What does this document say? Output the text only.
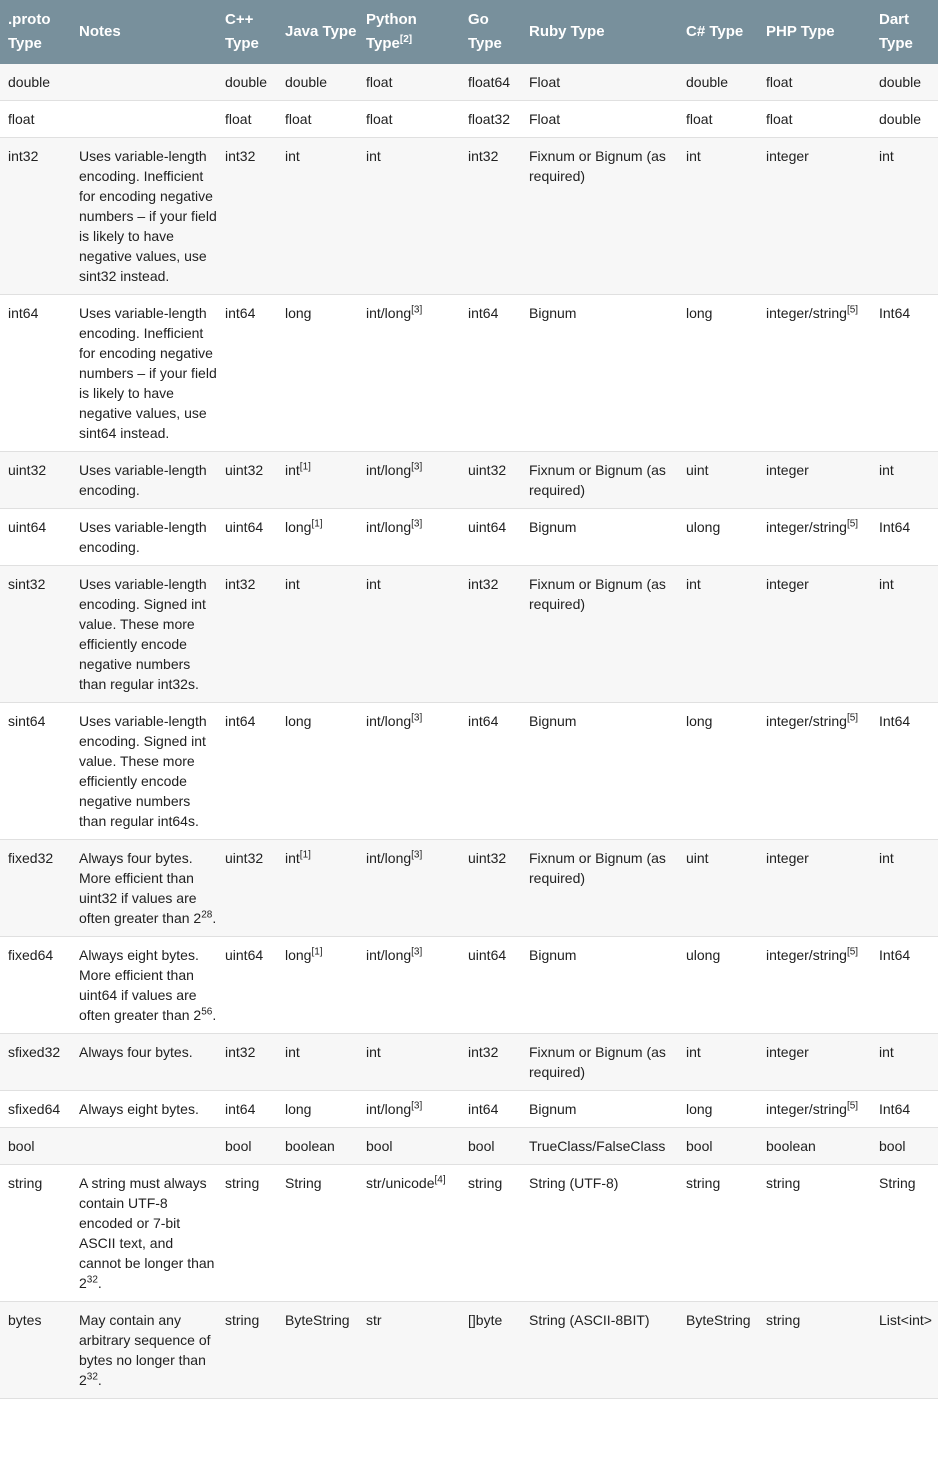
.proto Type	Notes	C++ Type	Java Type	Python Type[2]	Go Type	Ruby Type	C# Type	PHP Type	Dart Type
double		double	double	float	float64	Float	double	float	double
float		float	float	float	float32	Float	float	float	double
int32	Uses variable-length encoding. Inefficient for encoding negative numbers – if your field is likely to have negative values, use sint32 instead.	int32	int	int	int32	Fixnum or Bignum (as required)	int	integer	int
int64	Uses variable-length encoding. Inefficient for encoding negative numbers – if your field is likely to have negative values, use sint64 instead.	int64	long	int/long[3]	int64	Bignum	long	integer/string[5]	Int64
uint32	Uses variable-length encoding.	uint32	int[1]	int/long[3]	uint32	Fixnum or Bignum (as required)	uint	integer	int
uint64	Uses variable-length encoding.	uint64	long[1]	int/long[3]	uint64	Bignum	ulong	integer/string[5]	Int64
sint32	Uses variable-length encoding. Signed int value. These more efficiently encode negative numbers than regular int32s.	int32	int	int	int32	Fixnum or Bignum (as required)	int	integer	int
sint64	Uses variable-length encoding. Signed int value. These more efficiently encode negative numbers than regular int64s.	int64	long	int/long[3]	int64	Bignum	long	integer/string[5]	Int64
fixed32	Always four bytes. More efficient than uint32 if values are often greater than $2^{28}$.	uint32	int[1]	int/long[3]	uint32	Fixnum or Bignum (as required)	uint	integer	int
fixed64	Always eight bytes. More efficient than uint64 if values are often greater than $2^{56}$.	uint64	long[1]	int/long[3]	uint64	Bignum	ulong	integer/string[5]	Int64
sfixed32	Always four bytes.	int32	int	int	int32	Fixnum or Bignum (as required)	int	integer	int
sfixed64	Always eight bytes.	int64	long	int/long[3]	int64	Bignum	long	integer/string[5]	Int64
bool		bool	boolean	bool	bool	TrueClass/FalseClass	bool	boolean	bool
string	A string must always contain UTF-8 encoded or 7-bit ASCII text, and cannot be longer than $2^{32}$.	string	String	str/unicode[4]	string	String (UTF-8)	string	string	String
bytes	May contain any arbitrary sequence of bytes no longer than $2^{32}$.	string	ByteString	str	[]byte	String (ASCII-8BIT)	ByteString	string	List<int>
